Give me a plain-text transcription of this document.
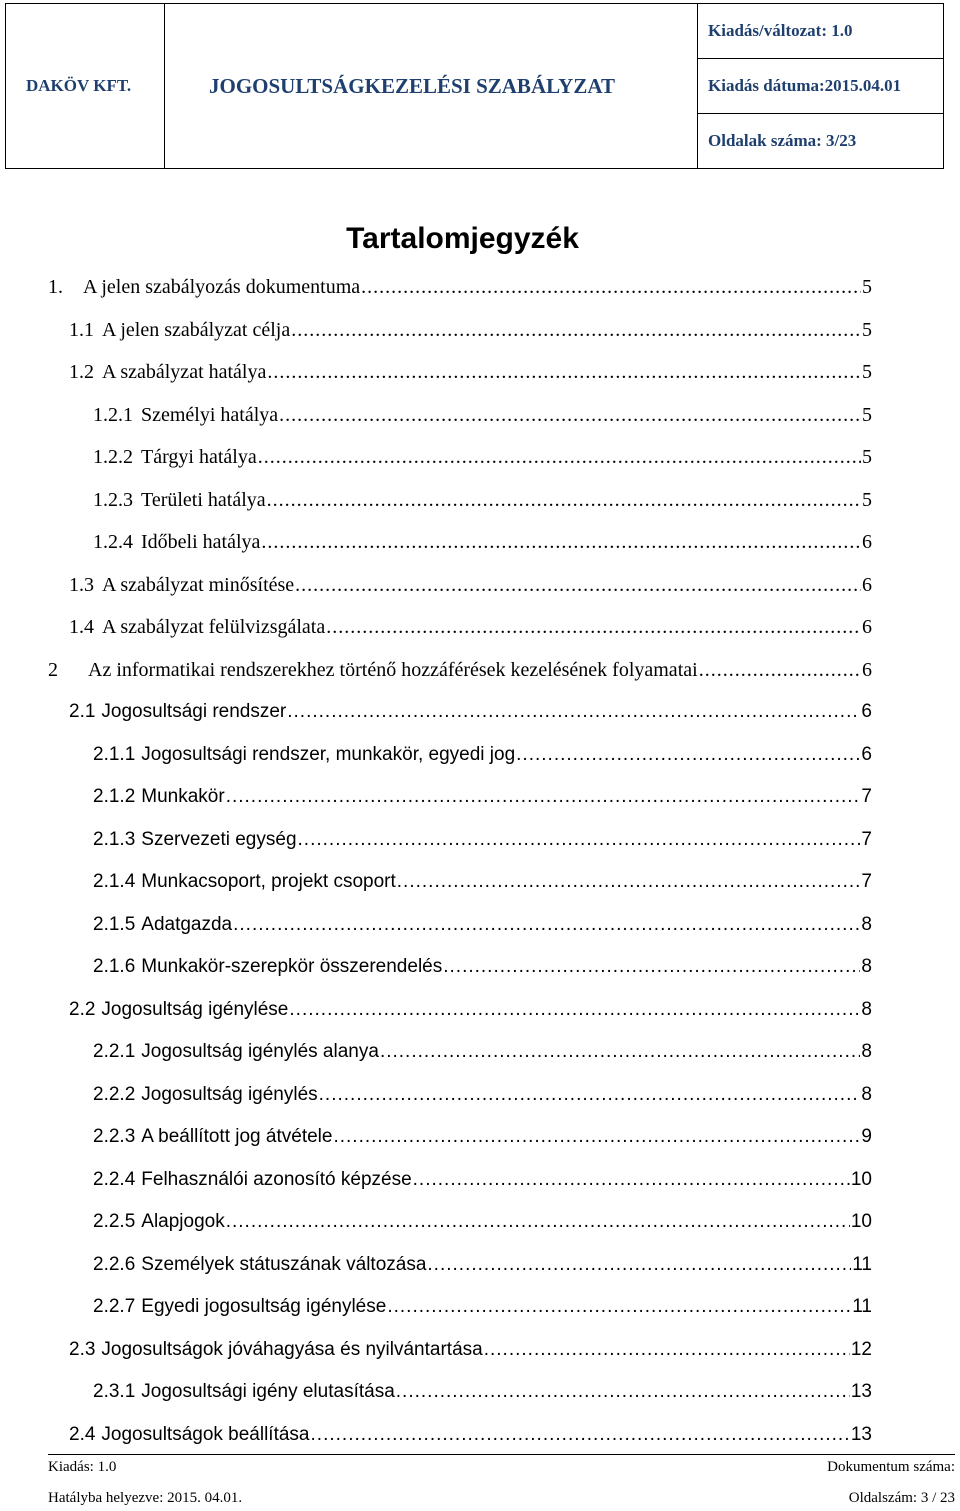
DAKÖV KFT.	JOGOSULTSÁGKEZELÉSI SZABÁLYZAT	Kiadás/változat: 1.0
Kiadás dátuma:2015.04.01
Oldalak száma: 3/23
Tartalomjegyzék
1. A jelen szabályozás dokumentuma .....	5
1.1 A jelen szabályzat célja .....	5
1.2 A szabályzat hatálya .....	5
1.2.1 Személyi hatálya .....	5
1.2.2 Tárgyi hatálya .....	5
1.2.3 Területi hatálya .....	5
1.2.4 Időbeli hatálya .....	6
1.3 A szabályzat minősítése .....	6
1.4 A szabályzat felülvizsgálata .....	6
2 Az informatikai rendszerekhez történő hozzáférések kezelésének folyamatai .....	6
2.1 Jogosultsági rendszer .....	6
2.1.1 Jogosultsági rendszer, munkakör, egyedi jog .....	6
2.1.2 Munkakör .....	7
2.1.3 Szervezeti egység .....	7
2.1.4 Munkacsoport, projekt csoport .....	7
2.1.5 Adatgazda .....	8
2.1.6 Munkakör-szerepkör összerendelés .....	8
2.2 Jogosultság igénylése .....	8
2.2.1 Jogosultság igénylés alanya .....	8
2.2.2 Jogosultság igénylés .....	8
2.2.3 A beállított jog átvétele .....	9
2.2.4 Felhasználói azonosító képzése .....	10
2.2.5 Alapjogok .....	10
2.2.6 Személyek státuszának változása .....	11
2.2.7 Egyedi jogosultság igénylése .....	11
2.3 Jogosultságok jóváhagyása és nyilvántartása .....	12
2.3.1 Jogosultsági igény elutasítása .....	13
2.4 Jogosultságok beállítása .....	13
Kiadás: 1.0	Dokumentum száma:
Hatályba helyezve: 2015. 04.01.	Oldalszám: 3 / 23
